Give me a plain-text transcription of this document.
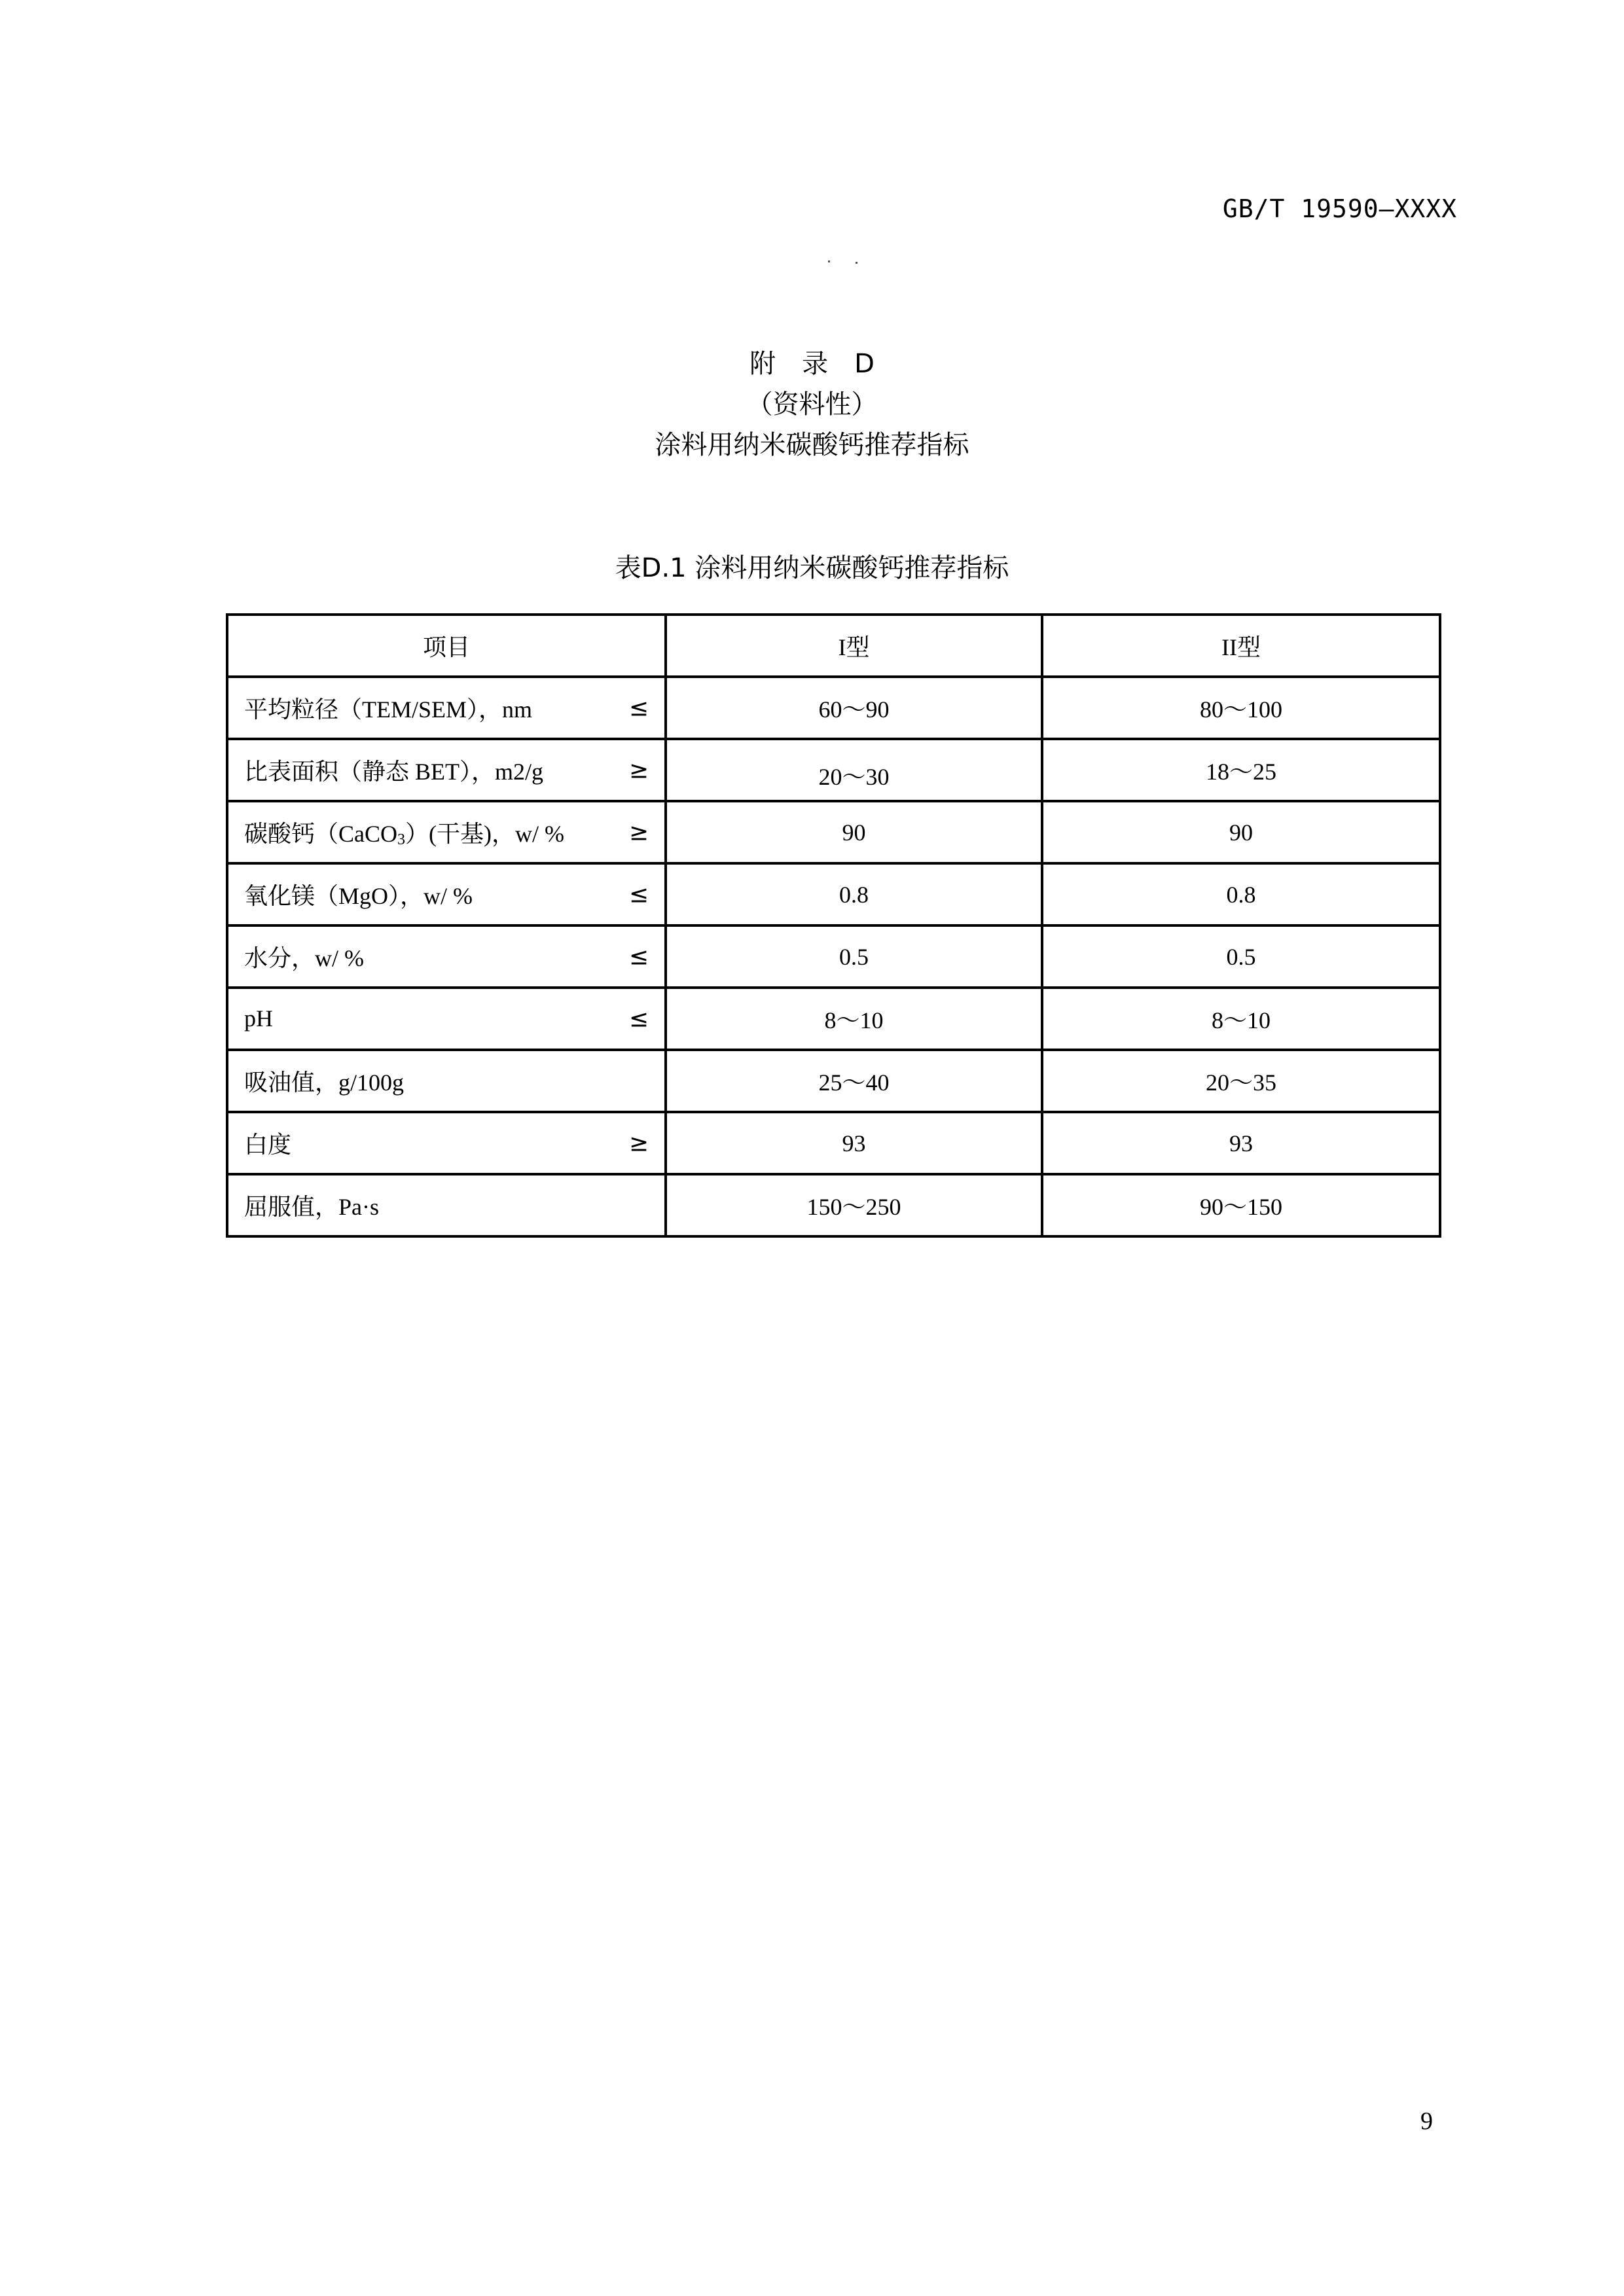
GB/T 19590—XXXX
附 录 D
（资料性）
涂料用纳米碳酸钙推荐指标
表D.1 涂料用纳米碳酸钙推荐指标
项目	I型	II型
平均粒径（TEM/SEM），nm ≤	60～90	80～100
比表面积（静态 BET），m2/g ≥	20～30	18～25
碳酸钙（CaCO$_3$）(干基)，w/ % ≥	90	90
氧化镁（MgO），w/ % ≤	0.8	0.8
水分，w/ % ≤	0.5	0.5
pH ≤	8～10	8～10
吸油值，g/100g	25～40	20～35
白度 ≥	93	93
屈服值，Pa·s	150～250	90～150
9
